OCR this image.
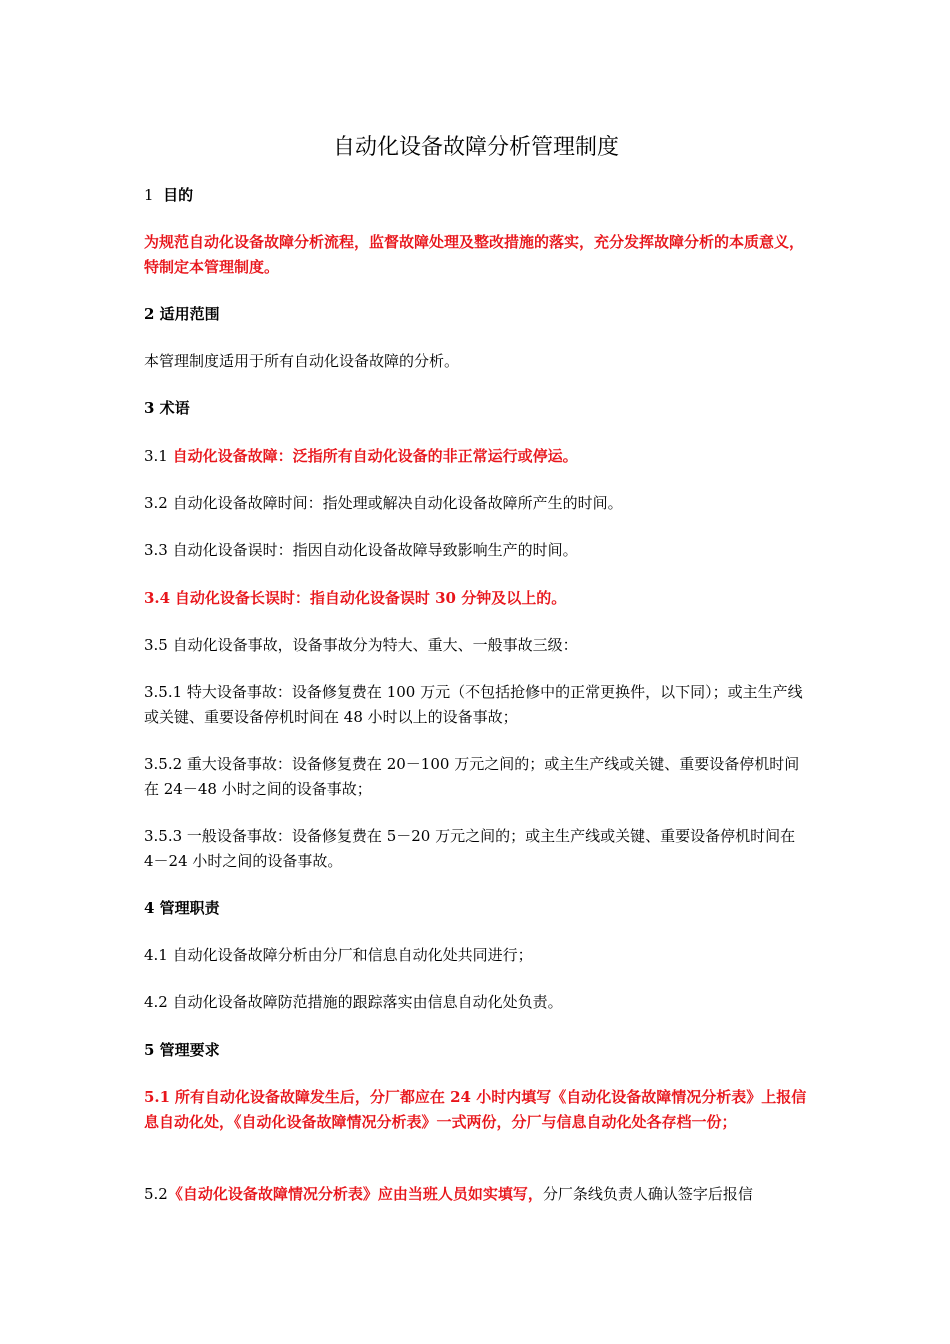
自动化设备故障分析管理制度

1 目的

为规范自动化设备故障分析流程，监督故障处理及整改措施的落实，充分发挥故障分析的本质意义，特制定本管理制度。

2 适用范围

本管理制度适用于所有自动化设备故障的分析。

3 术语

3.1 自动化设备故障：泛指所有自动化设备的非正常运行或停运。

3.2 自动化设备故障时间：指处理或解决自动化设备故障所产生的时间。

3.3 自动化设备误时：指因自动化设备故障导致影响生产的时间。

3.4 自动化设备长误时：指自动化设备误时 30 分钟及以上的。

3.5 自动化设备事故，设备事故分为特大、重大、一般事故三级：

3.5.1 特大设备事故：设备修复费在 100 万元（不包括抢修中的正常更换件，以下同）；或主生产线或关键、重要设备停机时间在 48 小时以上的设备事故；

3.5.2 重大设备事故：设备修复费在 20－100 万元之间的；或主生产线或关键、重要设备停机时间在 24－48 小时之间的设备事故；

3.5.3 一般设备事故：设备修复费在 5－20 万元之间的；或主生产线或关键、重要设备停机时间在 4－24 小时之间的设备事故。

4 管理职责

4.1 自动化设备故障分析由分厂和信息自动化处共同进行；

4.2 自动化设备故障防范措施的跟踪落实由信息自动化处负责。

5 管理要求

5.1 所有自动化设备故障发生后，分厂都应在 24 小时内填写《自动化设备故障情况分析表》上报信息自动化处，《自动化设备故障情况分析表》一式两份，分厂与信息自动化处各存档一份；

5.2《自动化设备故障情况分析表》应由当班人员如实填写，分厂条线负责人确认签字后报信
